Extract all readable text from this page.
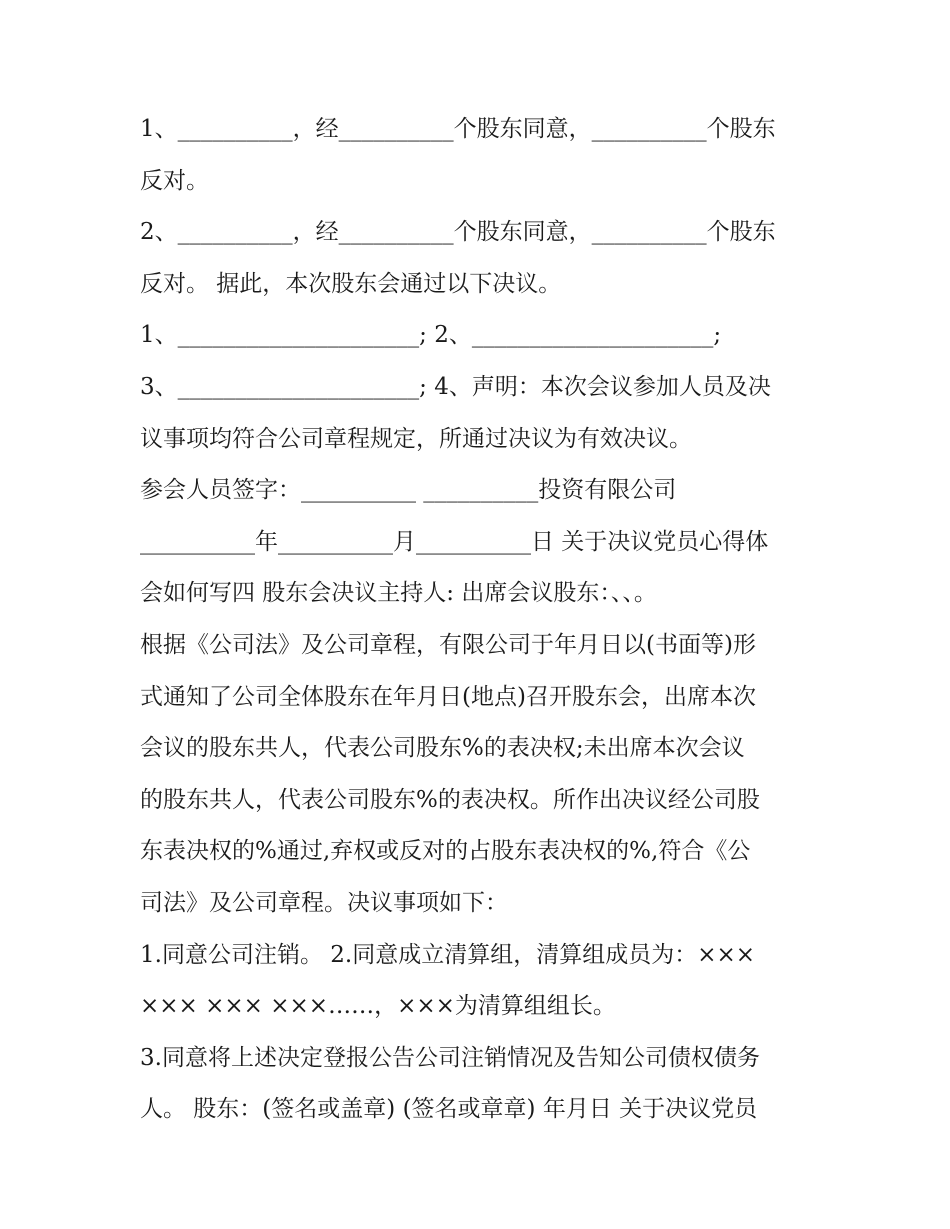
1、__________，经__________个股东同意，__________个股东
反对。
2、__________，经__________个股东同意，__________个股东
反对。 据此，本次股东会通过以下决议。
1、_____________________; 2、_____________________;
3、_____________________; 4、声明：本次会议参加人员及决
议事项均符合公司章程规定，所通过决议为有效决议。
参会人员签字：__________ __________投资有限公司
__________年__________月__________日 关于决议党员心得体
会如何写四 股东会决议主持人: 出席会议股东：、、。
根据《公司法》及公司章程，有限公司于年月日以(书面等)形
式通知了公司全体股东在年月日(地点)召开股东会，出席本次
会议的股东共人，代表公司股东%的表决权;未出席本次会议
的股东共人，代表公司股东%的表决权。所作出决议经公司股
东表决权的%通过,弃权或反对的占股东表决权的%,符合《公
司法》及公司章程。决议事项如下：
1.同意公司注销。 2.同意成立清算组，清算组成员为：×××
××× ××× ×××……，×××为清算组组长。
3.同意将上述决定登报公告公司注销情况及告知公司债权债务
人。 股东：(签名或盖章) (签名或章章) 年月日 关于决议党员
